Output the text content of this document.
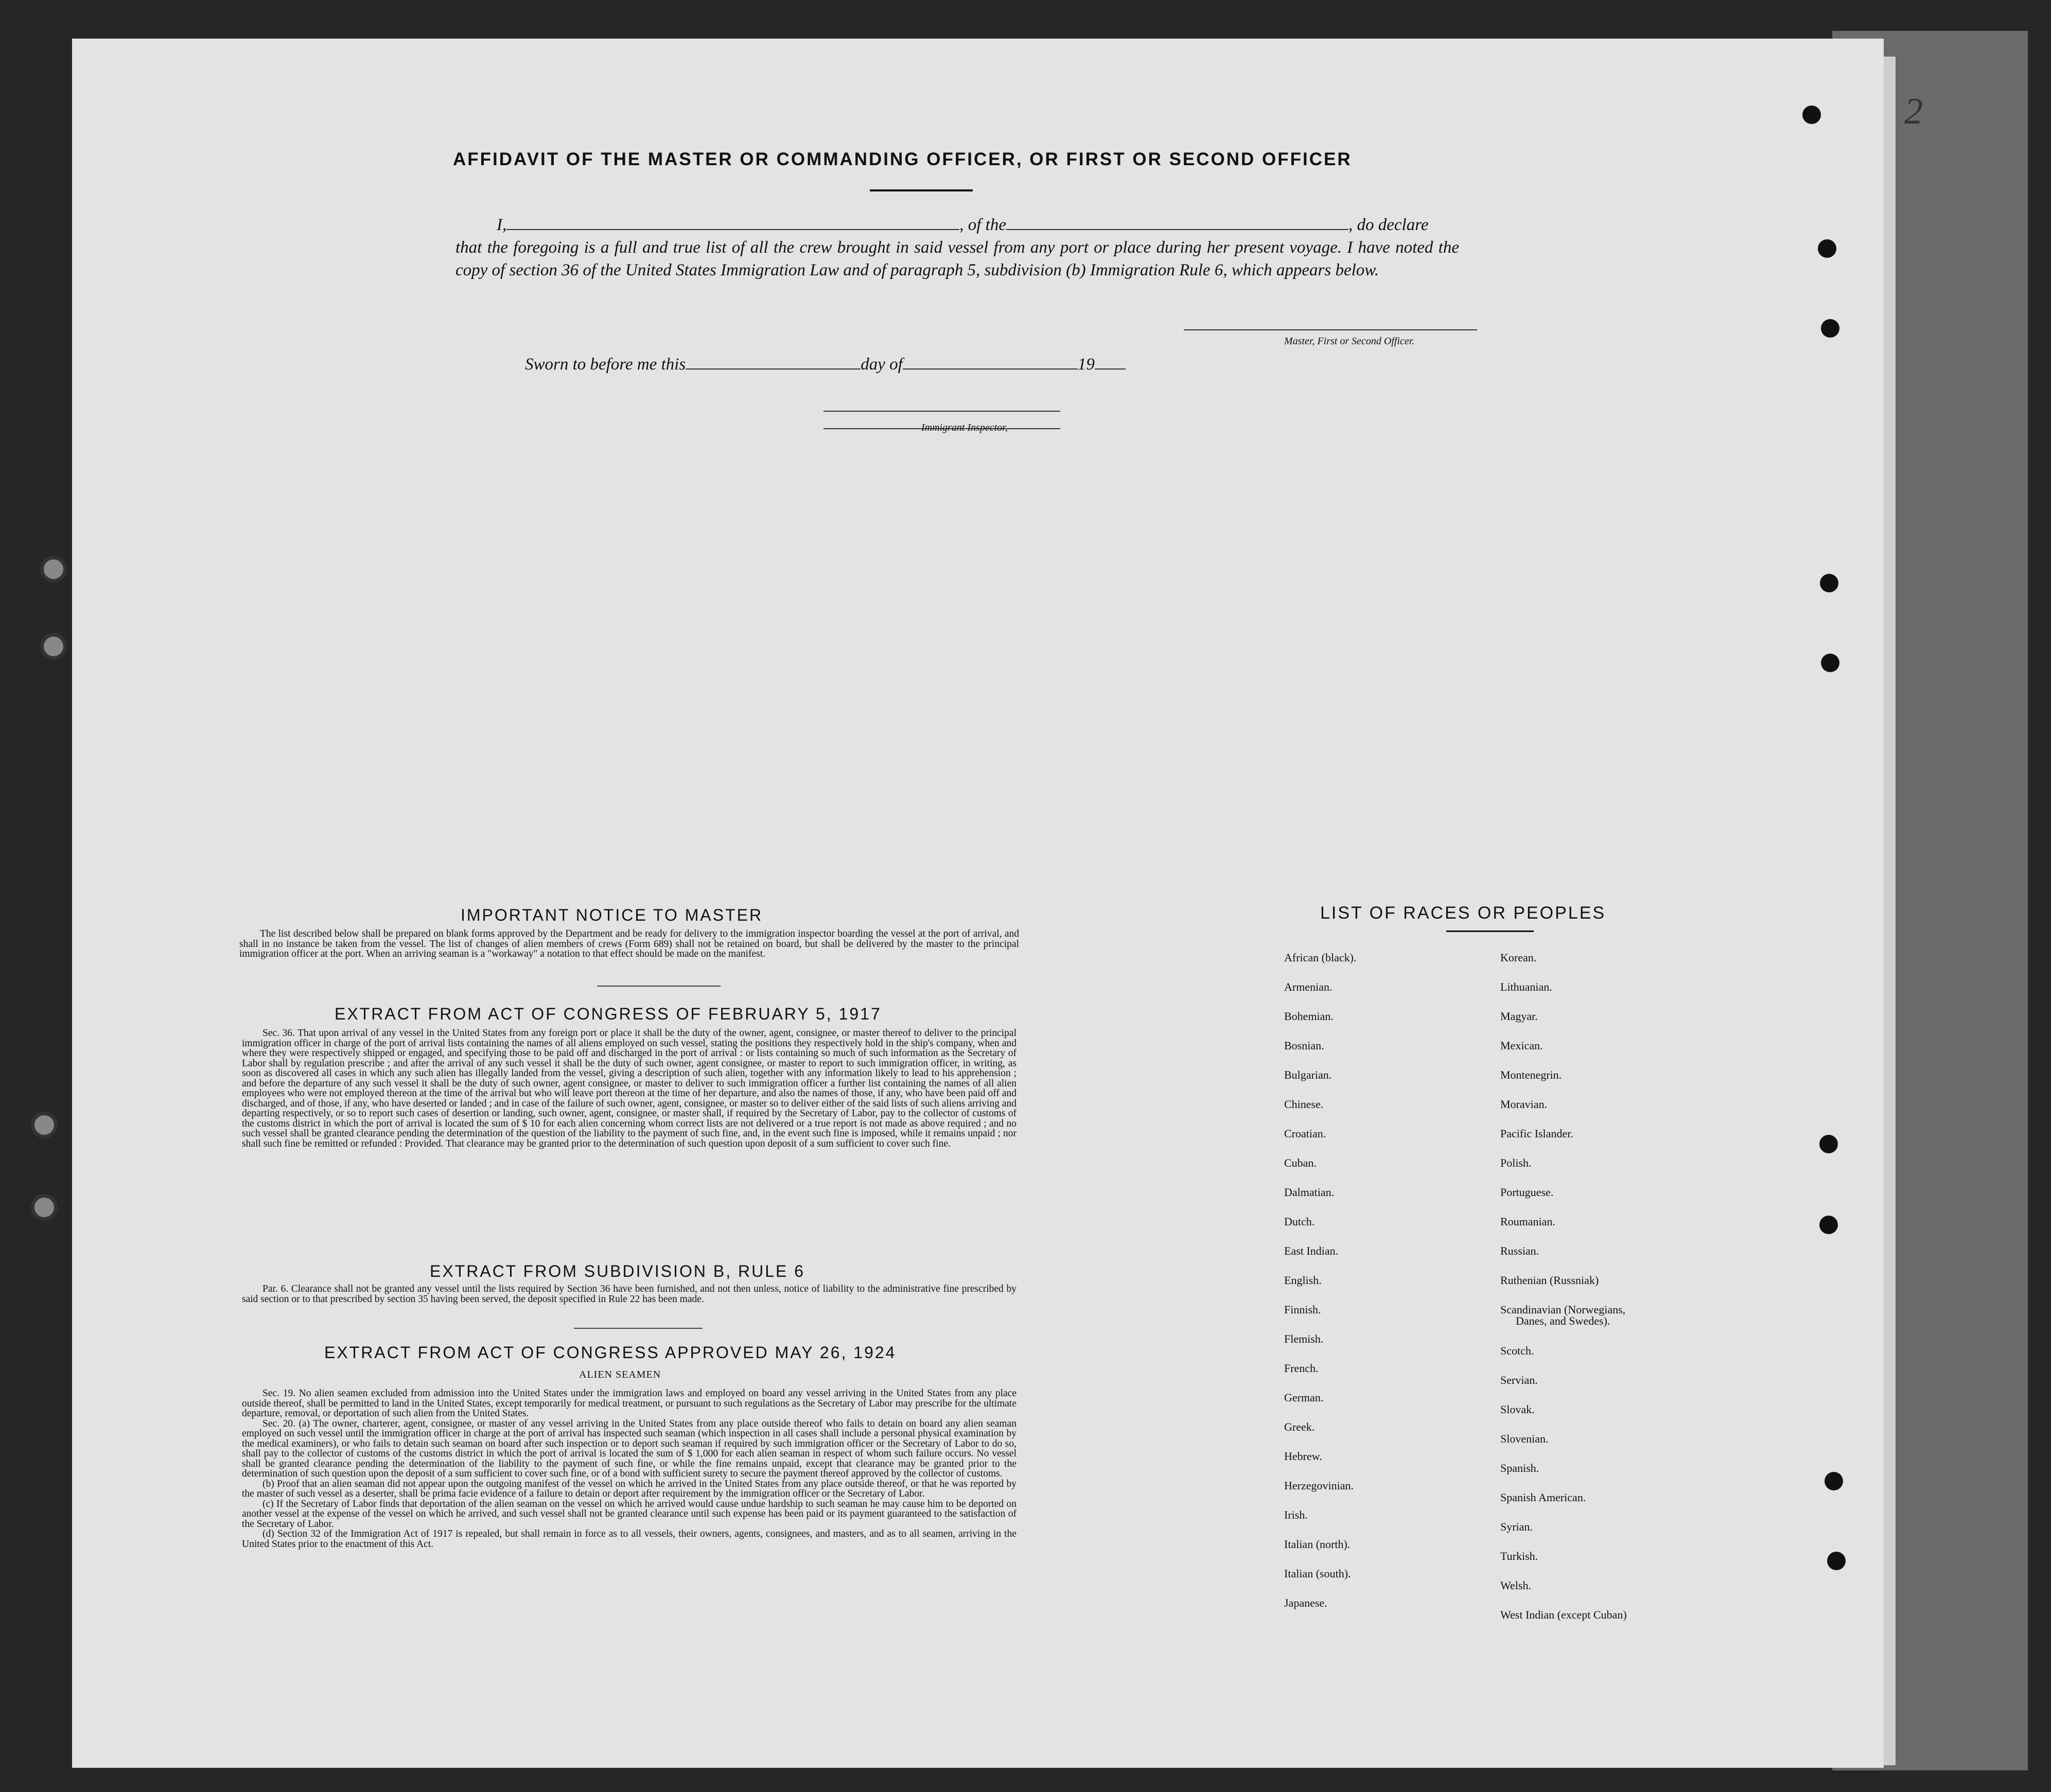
2
AFFIDAVIT OF THE MASTER OR COMMANDING OFFICER, OR FIRST OR SECOND OFFICER
I,	, of the	, do declare
that the foregoing is a full and true list of all the crew brought in said vessel from any port or place during her present voyage. I have noted the copy of section 36 of the United States Immigration Law and of paragraph 5, subdivision (b) Immigration Rule 6, which appears below.
Master, First or Second Officer.
Sworn to before me this	day of	19
Immigrant Inspector,
IMPORTANT NOTICE TO MASTER

The list described below shall be prepared on blank forms approved by the Department and be ready for delivery to the immigration inspector boarding the vessel at the port of arrival, and shall in no instance be taken from the vessel. The list of changes of alien members of crews (Form 689) shall not be retained on board, but shall be delivered by the master to the principal immigration officer at the port. When an arriving seaman is a "workaway" a notation to that effect should be made on the manifest.

EXTRACT FROM ACT OF CONGRESS OF FEBRUARY 5, 1917

Sec. 36. That upon arrival of any vessel in the United States from any foreign port or place it shall be the duty of the owner, agent, consignee, or master thereof to deliver to the principal immigration officer in charge of the port of arrival lists containing the names of all aliens employed on such vessel, stating the positions they respectively hold in the ship's company, when and where they were respectively shipped or engaged, and specifying those to be paid off and discharged in the port of arrival : or lists containing so much of such information as the Secretary of Labor shall by regulation prescribe ; and after the arrival of any such vessel it shall be the duty of such owner, agent consignee, or master to report to such immigration officer, in writing, as soon as discovered all cases in which any such alien has illegally landed from the vessel, giving a description of such alien, together with any information likely to lead to his apprehension ; and before the departure of any such vessel it shall be the duty of such owner, agent consignee, or master to deliver to such immigration officer a further list containing the names of all alien employees who were not employed thereon at the time of the arrival but who will leave port thereon at the time of her departure, and also the names of those, if any, who have been paid off and discharged, and of those, if any, who have deserted or landed ; and in case of the failure of such owner, agent, consignee, or master so to deliver either of the said lists of such aliens arriving and departing respectively, or so to report such cases of desertion or landing, such owner, agent, consignee, or master shall, if required by the Secretary of Labor, pay to the collector of customs of the customs district in which the port of arrival is located the sum of $ 10 for each alien concerning whom correct lists are not delivered or a true report is not made as above required ; and no such vessel shall be granted clearance pending the determination of the question of the liability to the payment of such fine, and, in the event such fine is imposed, while it remains unpaid ; nor shall such fine be remitted or refunded : Provided. That clearance may be granted prior to the determination of such question upon deposit of a sum sufficient to cover such fine.

EXTRACT FROM SUBDIVISION B, RULE 6

Par. 6. Clearance shall not be granted any vessel until the lists required by Section 36 have been furnished, and not then unless, notice of liability to the administrative fine prescribed by said section or to that prescribed by section 35 having been served, the deposit specified in Rule 22 has been made.

EXTRACT FROM ACT OF CONGRESS APPROVED MAY 26, 1924
ALIEN SEAMEN

Sec. 19. No alien seamen excluded from admission into the United States under the immigration laws and employed on board any vessel arriving in the United States from any place outside thereof, shall be permitted to land in the United States, except temporarily for medical treatment, or pursuant to such regulations as the Secretary of Labor may prescribe for the ultimate departure, removal, or deportation of such alien from the United States.

Sec. 20. (a) The owner, charterer, agent, consignee, or master of any vessel arriving in the United States from any place outside thereof who fails to detain on board any alien seaman employed on such vessel until the immigration officer in charge at the port of arrival has inspected such seaman (which inspection in all cases shall include a personal physical examination by the medical examiners), or who fails to detain such seaman on board after such inspection or to deport such seaman if required by such immigration officer or the Secretary of Labor to do so, shall pay to the collector of customs of the customs district in which the port of arrival is located the sum of $ 1,000 for each alien seaman in respect of whom such failure occurs. No vessel shall be granted clearance pending the determination of the liability to the payment of such fine, or while the fine remains unpaid, except that clearance may be granted prior to the determination of such question upon the deposit of a sum sufficient to cover such fine, or of a bond with sufficient surety to secure the payment thereof approved by the collector of customs.

(b) Proof that an alien seaman did not appear upon the outgoing manifest of the vessel on which he arrived in the United States from any place outside thereof, or that he was reported by the master of such vessel as a deserter, shall be prima facie evidence of a failure to detain or deport after requirement by the immigration officer or the Secretary of Labor.

(c) If the Secretary of Labor finds that deportation of the alien seaman on the vessel on which he arrived would cause undue hardship to such seaman he may cause him to be deported on another vessel at the expense of the vessel on which he arrived, and such vessel shall not be granted clearance until such expense has been paid or its payment guaranteed to the satisfaction of the Secretary of Labor.

(d) Section 32 of the Immigration Act of 1917 is repealed, but shall remain in force as to all vessels, their owners, agents, consignees, and masters, and as to all seamen, arriving in the United States prior to the enactment of this Act.

LIST OF RACES OR PEOPLES
African (black).
Armenian.
Bohemian.
Bosnian.
Bulgarian.
Chinese.
Croatian.
Cuban.
Dalmatian.
Dutch.
East Indian.
English.
Finnish.
Flemish.
French.
German.
Greek.
Hebrew.
Herzegovinian.
Irish.
Italian (north).
Italian (south).
Japanese.
Korean.
Lithuanian.
Magyar.
Mexican.
Montenegrin.
Moravian.
Pacific Islander.
Polish.
Portuguese.
Roumanian.
Russian.
Ruthenian (Russniak)
Scandinavian (Norwegians,
Danes, and Swedes).
Scotch.
Servian.
Slovak.
Slovenian.
Spanish.
Spanish American.
Syrian.
Turkish.
Welsh.
West Indian (except Cuban)
